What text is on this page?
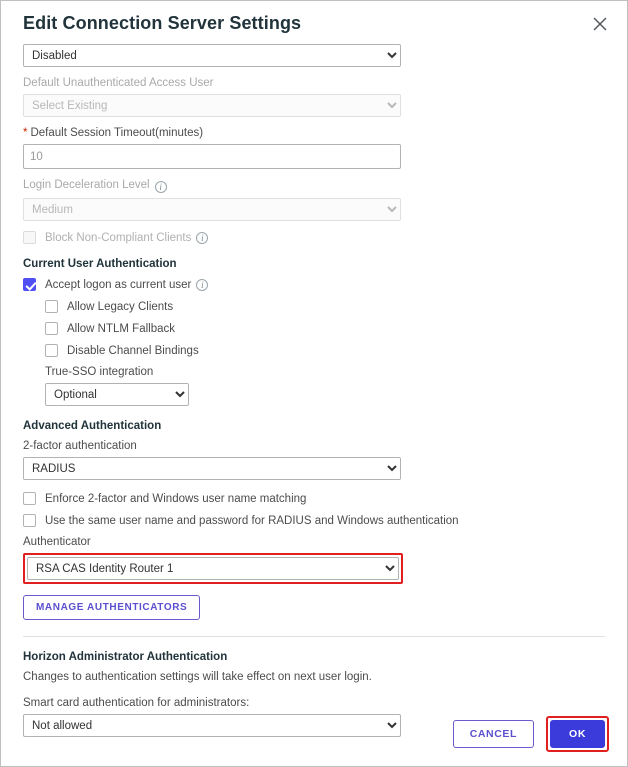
Edit Connection Server Settings
Disabled
Default Unauthenticated Access User
Select Existing
* Default Session Timeout(minutes)
10
Login Deceleration Level i
Medium
Block Non-Compliant Clients	i
Current User Authentication
Accept logon as current user	i
Allow Legacy Clients
Allow NTLM Fallback
Disable Channel Bindings
True-SSO integration
Optional
Advanced Authentication
2-factor authentication
RADIUS
Enforce 2-factor and Windows user name matching
Use the same user name and password for RADIUS and Windows authentication
Authenticator
RSA CAS Identity Router 1
MANAGE AUTHENTICATORS
Horizon Administrator Authentication
Changes to authentication settings will take effect on next user login.
Smart card authentication for administrators:
Not allowed
CANCEL	OK
